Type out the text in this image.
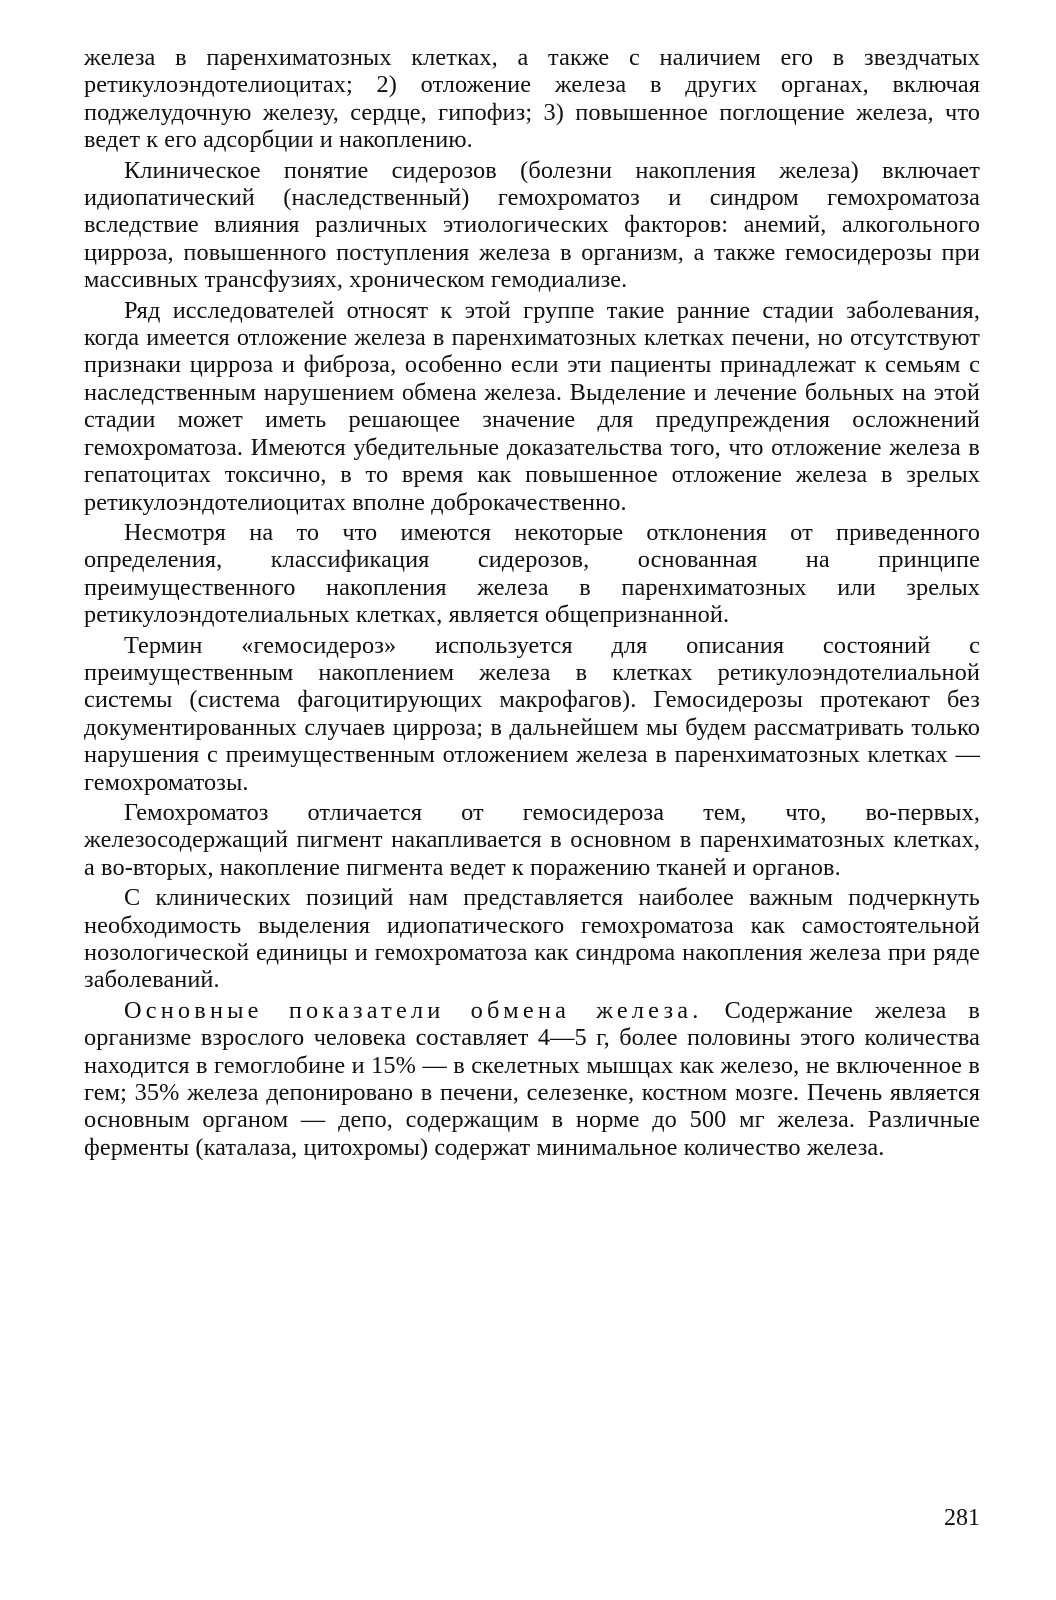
железа в паренхиматозных клетках, а также с наличием его в звездчатых ретикулоэндотелиоцитах; 2) отложение железа в других органах, включая поджелудочную железу, сердце, гипофиз; 3) повышенное поглощение железа, что ведет к его адсорбции и накоплению.

Клиническое понятие сидерозов (болезни накопления железа) включает идиопатический (наследственный) гемохроматоз и синдром гемохроматоза вследствие влияния различных этиологических факторов: анемий, алкогольного цирроза, повышенного поступления железа в организм, а также гемосидерозы при массивных трансфузиях, хроническом гемодиализе.

Ряд исследователей относят к этой группе такие ранние стадии заболевания, когда имеется отложение железа в паренхиматозных клетках печени, но отсутствуют признаки цирроза и фиброза, особенно если эти пациенты принадлежат к семьям с наследственным нарушением обмена железа. Выделение и лечение больных на этой стадии может иметь решающее значение для предупреждения осложнений гемохроматоза. Имеются убедительные доказательства того, что отложение железа в гепатоцитах токсично, в то время как повышенное отложение железа в зрелых ретикулоэндотелиоцитах вполне доброкачественно.

Несмотря на то что имеются некоторые отклонения от приведенного определения, классификация сидерозов, основанная на принципе преимущественного накопления железа в паренхиматозных или зрелых ретикулоэндотелиальных клетках, является общепризнанной.

Термин «гемосидероз» используется для описания состояний с преимущественным накоплением железа в клетках ретикулоэндотелиальной системы (система фагоцитирующих макрофагов). Гемосидерозы протекают без документированных случаев цирроза; в дальнейшем мы будем рассматривать только нарушения с преимущественным отложением железа в паренхиматозных клетках — гемохроматозы.

Гемохроматоз отличается от гемосидероза тем, что, во-первых, железосодержащий пигмент накапливается в основном в паренхиматозных клетках, а во-вторых, накопление пигмента ведет к поражению тканей и органов.

С клинических позиций нам представляется наиболее важным подчеркнуть необходимость выделения идиопатического гемохроматоза как самостоятельной нозологической единицы и гемохроматоза как синдрома накопления железа при ряде заболеваний.

Основные показатели обмена железа. Содержание железа в организме взрослого человека составляет 4—5 г, более половины этого количества находится в гемоглобине и 15% — в скелетных мышцах как железо, не включенное в гем; 35% железа депонировано в печени, селезенке, костном мозге. Печень является основным органом — депо, содержащим в норме до 500 мг железа. Различные ферменты (каталаза, цитохромы) содержат минимальное количество железа.

281
